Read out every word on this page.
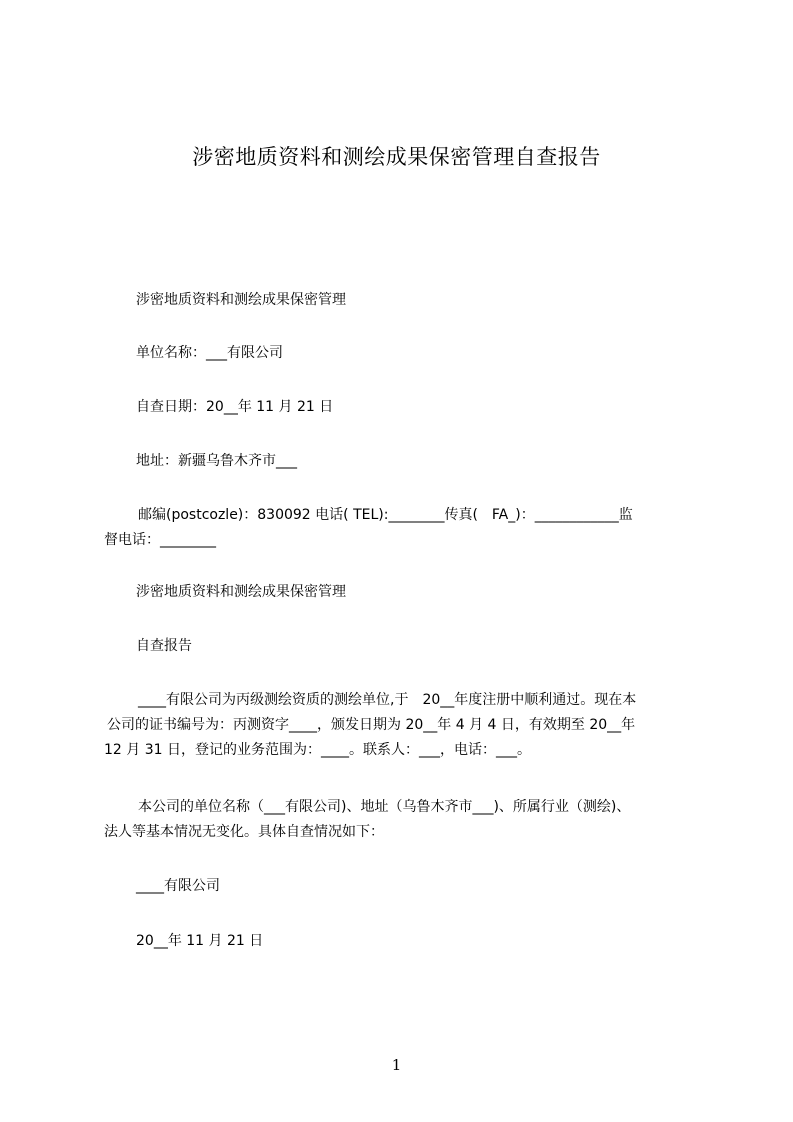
涉密地质资料和测绘成果保密管理自查报告
涉密地质资料和测绘成果保密管理
单位名称：___有限公司
自查日期：20__年 11 月 21 日
地址：新疆乌鲁木齐市___
邮编(postcozle)：830092 电话( TEL):________传真(　FA_)：____________监
督电话：________
涉密地质资料和测绘成果保密管理
自查报告
____有限公司为丙级测绘资质的测绘单位,于　20__年度注册中顺利通过。现在本
公司的证书编号为：丙测资字____，颁发日期为 20__年 4 月 4 日，有效期至 20__年
12 月 31 日，登记的业务范围为：____。联系人：___，电话：___。
本公司的单位名称（___有限公司)、地址（乌鲁木齐市___)、所属行业（测绘)、
法人等基本情况无变化。具体自查情况如下：
____有限公司
20__年 11 月 21 日
1
